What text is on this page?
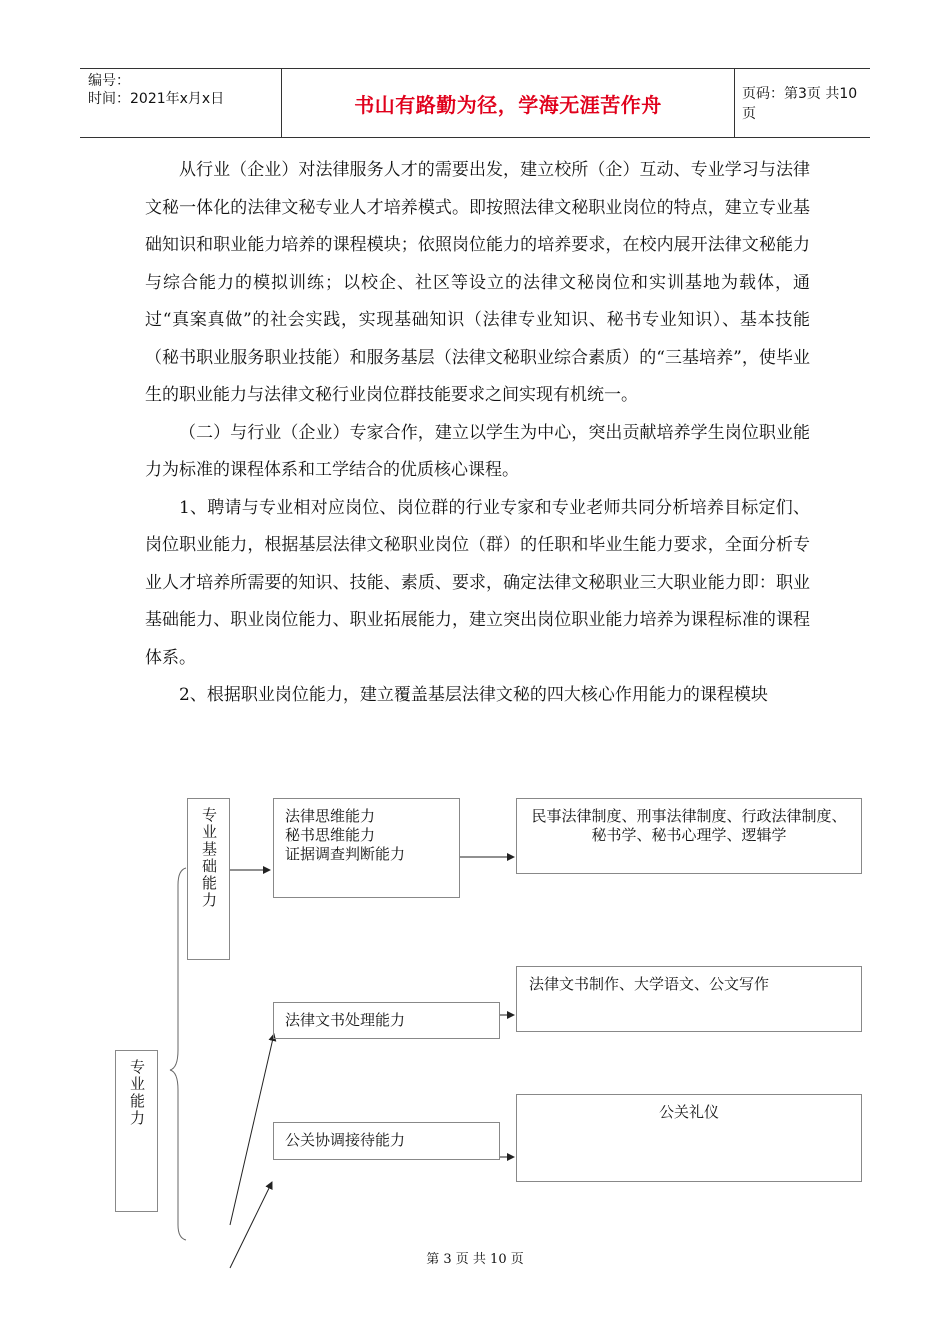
编号：
时间：2021年x月x日	书山有路勤为径，学海无涯苦作舟	页码：第3页 共10页

从行业（企业）对法律服务人才的需要出发，建立校所（企）互动、专业学习与法律文秘一体化的法律文秘专业人才培养模式。即按照法律文秘职业岗位的特点，建立专业基础知识和职业能力培养的课程模块；依照岗位能力的培养要求，在校内展开法律文秘能力与综合能力的模拟训练；以校企、社区等设立的法律文秘岗位和实训基地为载体，通过“真案真做”的社会实践，实现基础知识（法律专业知识、秘书专业知识）、基本技能（秘书职业服务职业技能）和服务基层（法律文秘职业综合素质）的“三基培养”，使毕业生的职业能力与法律文秘行业岗位群技能要求之间实现有机统一。

（二）与行业（企业）专家合作，建立以学生为中心，突出贡献培养学生岗位职业能力为标准的课程体系和工学结合的优质核心课程。

1、聘请与专业相对应岗位、岗位群的行业专家和专业老师共同分析培养目标定们、岗位职业能力，根据基层法律文秘职业岗位（群）的任职和毕业生能力要求，全面分析专业人才培养所需要的知识、技能、素质、要求，确定法律文秘职业三大职业能力即：职业基础能力、职业岗位能力、职业拓展能力，建立突出岗位职业能力培养为课程标准的课程体系。

2、根据职业岗位能力，建立覆盖基层法律文秘的四大核心作用能力的课程模块

专业能力
专业基础能力	法律思维能力
秘书思维能力
证据调查判断能力
民事法律制度、刑事法律制度、行政法律制度、秘书学、秘书心理学、逻辑学
法律文书处理能力
法律文书制作、大学语文、公文写作
公关协调接待能力
公关礼仪
第 3 页 共 10 页
